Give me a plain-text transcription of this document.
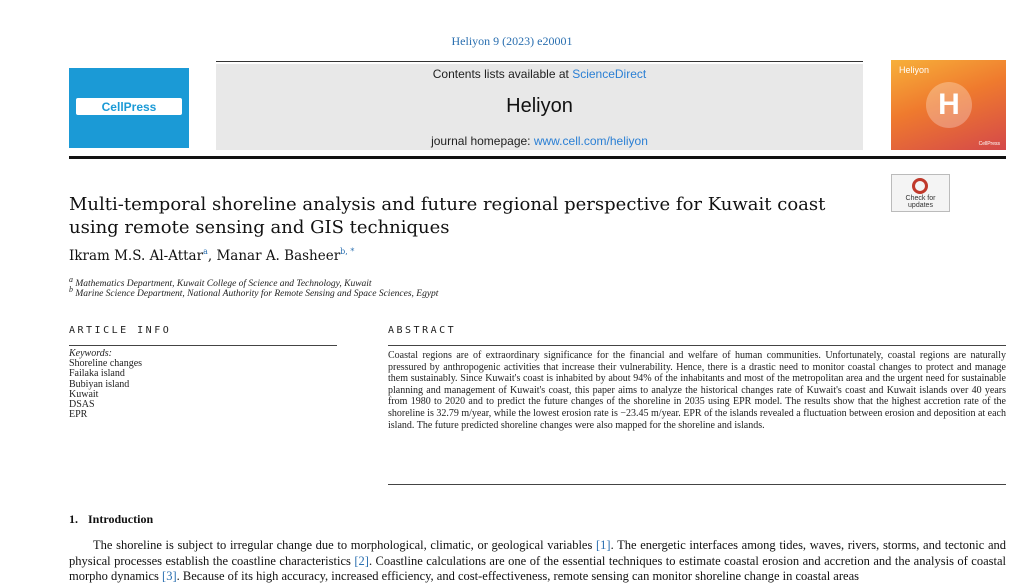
Heliyon 9 (2023) e20001
Contents lists available at ScienceDirect
Heliyon
journal homepage: www.cell.com/heliyon
CellPress
Heliyon
H
CellPress
Check for
updates
Multi-temporal shoreline analysis and future regional perspective for Kuwait coast using remote sensing and GIS techniques
Ikram M.S. Al-Attar$^a$, Manar A. Basheer$^{b, *}$
$^a$ Mathematics Department, Kuwait College of Science and Technology, Kuwait
$^b$ Marine Science Department, National Authority for Remote Sensing and Space Sciences, Egypt
ARTICLE INFO
Keywords:
Shoreline changes
Failaka island
Bubiyan island
Kuwait
DSAS
EPR
ABSTRACT

Coastal regions are of extraordinary significance for the financial and welfare of human communities. Unfortunately, coastal regions are naturally pressured by anthropogenic activities that increase their vulnerability. Hence, there is a drastic need to monitor coastal changes to protect and manage them sustainably. Since Kuwait's coast is inhabited by about 94% of the inhabitants and most of the metropolitan area and the urgent need for sustainable planning and management of Kuwait's coast, this paper aims to analyze the historical changes rate of Kuwait's coast and Kuwait islands over 40 years from 1980 to 2020 and to predict the future changes of the shoreline in 2035 using EPR model. The results show that the highest accretion rate of the shoreline is 32.79 m/year, while the lowest erosion rate is −23.45 m/year. EPR of the islands revealed a fluctuation between erosion and deposition at each island. The future predicted shoreline changes were also mapped for the shoreline and islands.

1. Introduction

The shoreline is subject to irregular change due to morphological, climatic, or geological variables [1]. The energetic interfaces among tides, waves, rivers, storms, and tectonic and physical processes establish the coastline characteristics [2]. Coastline calculations are one of the essential techniques to estimate coastal erosion and accretion and the analysis of coastal morpho dynamics [3]. Because of its high accuracy, increased efficiency, and cost-effectiveness, remote sensing can monitor shoreline change in coastal areas
